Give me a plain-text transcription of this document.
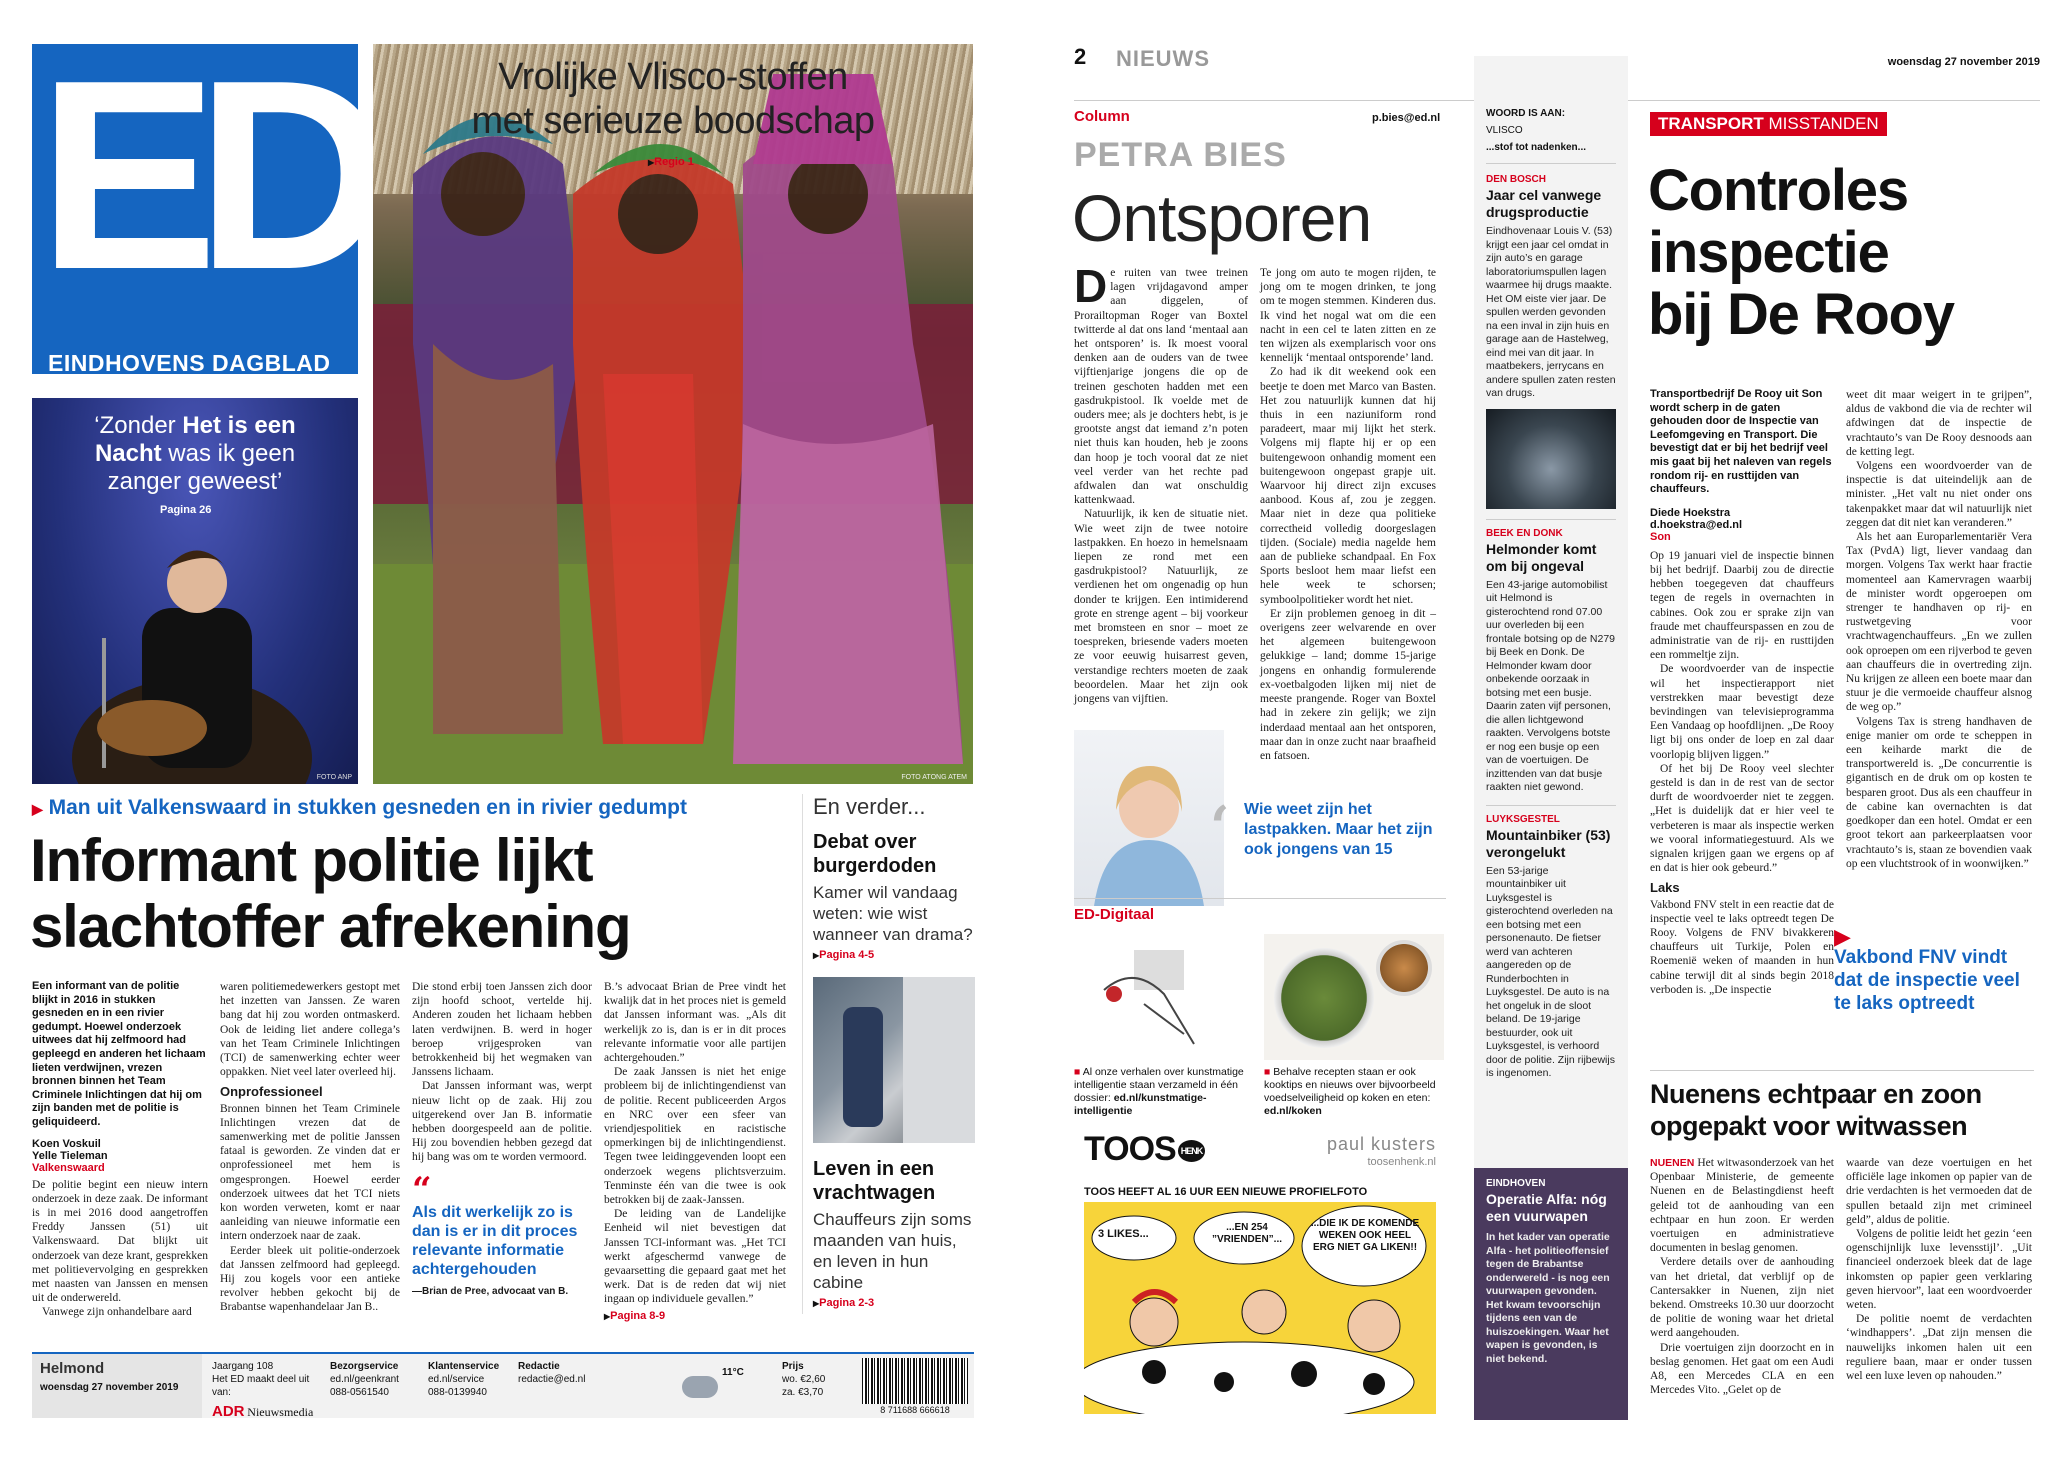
ED
EINDHOVENS DAGBLAD
Vrolijke Vlisco-stoffen
met serieuze boodschap
▶ Regio 1
FOTO ATONG ATEM
‘Zonder Het is een
Nacht was ik geen
zanger geweest’
Pagina 26
FOTO ANP
▶ Man uit Valkenswaard in stukken gesneden en in rivier gedumpt
Informant politie lijkt
slachtoffer afrekening
Een informant van de politie blijkt in 2016 in stukken gesneden en in een rivier gedumpt. Hoewel onderzoek uitwees dat hij zelfmoord had gepleegd en anderen het lichaam lieten verdwijnen, vrezen bronnen binnen het Team Criminele Inlichtingen dat hij om zijn banden met de politie is geliquideerd.
Koen Voskuil
Yelle Tieleman
Valkenswaard

De politie begint een nieuw intern onderzoek in deze zaak. De informant is in mei 2016 dood aangetroffen Freddy Janssen (51) uit Valkenswaard. Dat blijkt uit onderzoek van deze krant, gesprekken met politievervolging en gesprekken met naasten van Janssen en mensen uit de onderwereld.

Vanwege zijn onhandelbare aard

waren politiemedewerkers gestopt met het inzetten van Janssen. Ze waren bang dat hij zou worden ontmaskerd. Ook de leiding liet andere collega’s van het Team Criminele Inlichtingen (TCI) de samenwerking echter weer oppakken. Niet veel later overleed hij.

Onprofessioneel

Bronnen binnen het Team Criminele Inlichtingen vrezen dat de samenwerking met de politie Janssen fataal is geworden. Ze vinden dat er onprofessioneel met hem is omgesprongen. Hoewel eerder onderzoek uitwees dat het TCI niets kon worden verweten, komt er naar aanleiding van nieuwe informatie een intern onderzoek naar de zaak.

Eerder bleek uit politie-onderzoek dat Janssen zelfmoord had gepleegd. Hij zou kogels voor een antieke revolver hebben gekocht bij de Brabantse wapenhandelaar Jan B..

Die stond erbij toen Janssen zich door zijn hoofd schoot, vertelde hij. Anderen zouden het lichaam hebben laten verdwijnen. B. werd in hoger beroep vrijgesproken van betrokkenheid bij het wegmaken van Janssens lichaam.

Dat Janssen informant was, werpt nieuw licht op de zaak. Hij zou uitgerekend over Jan B. informatie hebben doorgespeeld aan de politie. Hij zou bovendien hebben gezegd dat hij bang was om te worden vermoord.

“
Als dit werkelijk zo is dan is er in dit proces relevante informatie achtergehouden
—Brian de Pree, advocaat van B.

B.’s advocaat Brian de Pree vindt het kwalijk dat in het proces niet is gemeld dat Janssen informant was. „Als dit werkelijk zo is, dan is er in dit proces relevante informatie voor alle partijen achtergehouden.”

De zaak Janssen is niet het enige probleem bij de inlichtingendienst van de politie. Recent publiceerden Argos en NRC over een sfeer van vriendjespolitiek en racistische opmerkingen bij de inlichtingendienst. Tegen twee leidinggevenden loopt een onderzoek wegens plichtsverzuim. Tenminste één van die twee is ook betrokken bij de zaak-Janssen.

De leiding van de Landelijke Eenheid wil niet bevestigen dat Janssen TCI-informant was. „Het TCI werkt afgeschermd vanwege de gevaarsetting die gepaard gaat met het werk. Dat is de reden dat wij niet ingaan op individuele gevallen.”

▶ Pagina 8-9
En verder...
Debat over
burgerdoden
Kamer wil vandaag weten: wie wist wanneer van drama?
▶ Pagina 4-5
Leven in een
vrachtwagen
Chauffeurs zijn soms maanden van huis, en leven in hun cabine
▶ Pagina 2-3
Helmond
woensdag 27 november 2019
Jaargang 108
Het ED maakt deel uit van:
ADR Nieuwsmedia
Bezorgservice
ed.nl/geenkrant
088-0561540
Klantenservice
ed.nl/service
088-0139940
Redactie
redactie@ed.nl
11°C
Prijs
wo. €2,60
za. €3,70
8 711688 666618
2 NIEUWS	woensdag 27 november 2019
Column	p.bies@ed.nl
PETRA BIES
Ontsporen

De ruiten van twee treinen lagen vrijdagavond amper aan diggelen, of Prorailtopman Roger van Boxtel twitterde al dat ons land ‘mentaal aan het ontsporen’ is. Ik moest vooral denken aan de ouders van de twee vijftienjarige jongens die op de treinen geschoten hadden met een gasdrukpistool. Ik voelde met de ouders mee; als je dochters hebt, is je grootste angst dat iemand z’n poten niet thuis kan houden, heb je zoons dan hoop je toch vooral dat ze niet veel verder van het rechte pad afdwalen dan wat onschuldig kattenkwaad.

Natuurlijk, ik ken de situatie niet. Wie weet zijn de twee notoire lastpakken. En hoezo in hemelsnaam liepen ze rond met een gasdrukpistool? Natuurlijk, ze verdienen het om ongenadig op hun donder te krijgen. Een intimiderend grote en strenge agent – bij voorkeur met bromsteen en snor – moet ze toespreken, briesende vaders moeten ze voor eeuwig huisarrest geven, verstandige rechters moeten de zaak beoordelen. Maar het zijn ook jongens van vijftien.

Te jong om auto te mogen rijden, te jong om te mogen drinken, te jong om te mogen stemmen. Kinderen dus. Ik vind het nogal wat om die een nacht in een cel te laten zitten en ze ten wijzen als exemplarisch voor ons kennelijk ‘mentaal ontsporende’ land.

Zo had ik dit weekend ook een beetje te doen met Marco van Basten. Het zou natuurlijk kunnen dat hij thuis in een naziuniform rond paradeert, maar mij lijkt het sterk. Volgens mij flapte hij er op een buitengewoon onhandig moment een buitengewoon ongepast grapje uit. Waarvoor hij direct zijn excuses aanbood. Kous af, zou je zeggen. Maar niet in deze qua politieke correctheid volledig doorgeslagen tijden. (Sociale) media nagelde hem aan de publieke schandpaal. En Fox Sports besloot hem maar liefst een hele week te schorsen; symboolpolitieker wordt het niet.

Er zijn problemen genoeg in dit – overigens zeer welvarende en over het algemeen buitengewoon gelukkige – land; domme 15-jarige jongens en onhandig formulerende ex-voetbalgoden lijken mij niet de meeste prangende. Roger van Boxtel had in zekere zin gelijk; we zijn inderdaad mentaal aan het ontsporen, maar dan in onze zucht naar braafheid en fatsoen.

‘ Wie weet zijn het lastpakken. Maar het zijn ook jongens van 15
ED-Digitaal
■ Al onze verhalen over kunstmatige intelligentie staan verzameld in één dossier: ed.nl/kunstmatige-intelligentie
■ Behalve recepten staan er ook kooktips en nieuws over bijvoorbeeld voedselveiligheid op koken en eten: ed.nl/koken
TOOS HENK	paul kusters
toosenhenk.nl
TOOS HEEFT AL 16 UUR EEN NIEUWE PROFIELFOTO
3 LIKES...
...EN 254 ”VRIENDEN”...
...DIE IK DE KOMENDE WEKEN OOK HEEL ERG NIET GA LIKEN!!
WOORD IS AAN:
VLISCO
...stof tot nadenken...
DEN BOSCH
Jaar cel vanwege drugsproductie
Eindhovenaar Louis V. (53) krijgt een jaar cel omdat in zijn auto’s en garage laboratoriumspullen lagen waarmee hij drugs maakte. Het OM eiste vier jaar. De spullen werden gevonden na een inval in zijn huis en garage aan de Hastelweg, eind mei van dit jaar. In maatbekers, jerrycans en andere spullen zaten resten van drugs.
BEEK EN DONK
Helmonder komt om bij ongeval
Een 43-jarige automobilist uit Helmond is gisterochtend rond 07.00 uur overleden bij een frontale botsing op de N279 bij Beek en Donk. De Helmonder kwam door onbekende oorzaak in botsing met een busje. Daarin zaten vijf personen, die allen lichtgewond raakten. Vervolgens botste er nog een busje op een van de voertuigen. De inzittenden van dat busje raakten niet gewond.
LUYKSGESTEL
Mountainbiker (53) verongelukt
Een 53-jarige mountainbiker uit Luyksgestel is gisterochtend overleden na een botsing met een personenauto. De fietser werd van achteren aangereden op de Runderbochten in Luyksgestel. De auto is na het ongeluk in de sloot beland. De 19-jarige bestuurder, ook uit Luyksgestel, is verhoord door de politie. Zijn rijbewijs is ingenomen.
EINDHOVEN
Operatie Alfa: nóg een vuurwapen
In het kader van operatie Alfa - het politieoffensief tegen de Brabantse onderwereld - is nog een vuurwapen gevonden. Het kwam tevoorschijn tijdens een van de huiszoekingen. Waar het wapen is gevonden, is niet bekend.
TRANSPORT MISSTANDEN
Controles
inspectie
bij De Rooy
Transportbedrijf De Rooy uit Son wordt scherp in de gaten gehouden door de Inspectie van Leefomgeving en Transport. Die bevestigt dat er bij het bedrijf veel mis gaat bij het naleven van regels rondom rij- en rusttijden van chauffeurs.
Diede Hoekstra
d.hoekstra@ed.nl
Son

Op 19 januari viel de inspectie binnen bij het bedrijf. Daarbij zou de directie hebben toegegeven dat chauffeurs tegen de regels in overnachten in cabines. Ook zou er sprake zijn van fraude met chauffeurspassen en zou de administratie van de rij- en rusttijden een rommeltje zijn.

De woordvoerder van de inspectie wil het inspectierapport niet verstrekken maar bevestigt deze bevindingen van televisieprogramma Een Vandaag op hoofdlijnen. „De Rooy ligt bij ons onder de loep en zal daar voorlopig blijven liggen.”

Of het bij De Rooy veel slechter gesteld is dan in de rest van de sector durft de woordvoerder niet te zeggen. „Het is duidelijk dat er hier veel te verbeteren is maar als inspectie werken we vooral informatiegestuurd. Als we signalen krijgen gaan we ergens op af en dat is hier ook gebeurd.”

Laks

Vakbond FNV stelt in een reactie dat de inspectie veel te laks optreedt tegen De Rooy. Volgens de FNV bivakkeren chauffeurs uit Turkije, Polen en Roemenië weken of maanden in hun cabine terwijl dit al sinds begin 2018 verboden is. „De inspectie

weet dit maar weigert in te grijpen”, aldus de vakbond die via de rechter wil afdwingen dat de inspectie de vrachtauto’s van De Rooy desnoods aan de ketting legt.

Volgens een woordvoerder van de inspectie is dat uiteindelijk aan de minister. „Het valt nu niet onder ons takenpakket maar dat wil natuurlijk niet zeggen dat dit niet kan veranderen.”

Als het aan Europarlementariër Vera Tax (PvdA) ligt, liever vandaag dan morgen. Volgens Tax werkt haar fractie momenteel aan Kamervragen waarbij de minister wordt opgeroepen om strenger te handhaven op rij- en rustwetgeving voor vrachtwagenchauffeurs. „En we zullen ook oproepen om een rijverbod te geven aan chauffeurs die in overtreding zijn. Nu krijgen ze alleen een boete maar dan stuur je die vermoeide chauffeur alsnog de weg op.”

Volgens Tax is streng handhaven de enige manier om orde te scheppen in een keiharde markt die de transportwereld is. „De concurrentie is gigantisch en de druk om op kosten te besparen groot. Dus als een chauffeur in de cabine kan overnachten is dat goedkoper dan een hotel. Omdat er een groot tekort aan parkeerplaatsen voor vrachtauto’s is, staan ze bovendien vaak op een vluchtstrook of in woonwijken.”

▶
Vakbond FNV vindt dat de inspectie veel te laks optreedt
Nuenens echtpaar en zoon
opgepakt voor witwassen

NUENEN Het witwasonderzoek van het Openbaar Ministerie, de gemeente Nuenen en de Belastingdienst heeft geleid tot de aanhouding van een echtpaar en hun zoon. Er werden voertuigen en administratieve documenten in beslag genomen.

Verdere details over de aanhouding van het drietal, dat verblijf op de Cantersakker in Nuenen, zijn niet bekend. Omstreeks 10.30 uur doorzocht de politie de woning waar het drietal werd aangehouden.

Drie voertuigen zijn doorzocht en in beslag genomen. Het gaat om een Audi A8, een Mercedes CLA en een Mercedes Vito. „Gelet op de

waarde van deze voertuigen en het officiële lage inkomen op papier van de drie verdachten is het vermoeden dat de spullen betaald zijn met crimineel geld”, aldus de politie.

Volgens de politie leidt het gezin ‘een ogenschijnlijk luxe levensstijl’. „Uit financieel onderzoek bleek dat de lage inkomsten op papier geen verklaring geven hiervoor”, laat een woordvoerder weten.

De politie noemt de verdachten ‘windhappers’. „Dat zijn mensen die nauwelijks inkomen halen uit een reguliere baan, maar er onder tussen wel een luxe leven op nahouden.”
